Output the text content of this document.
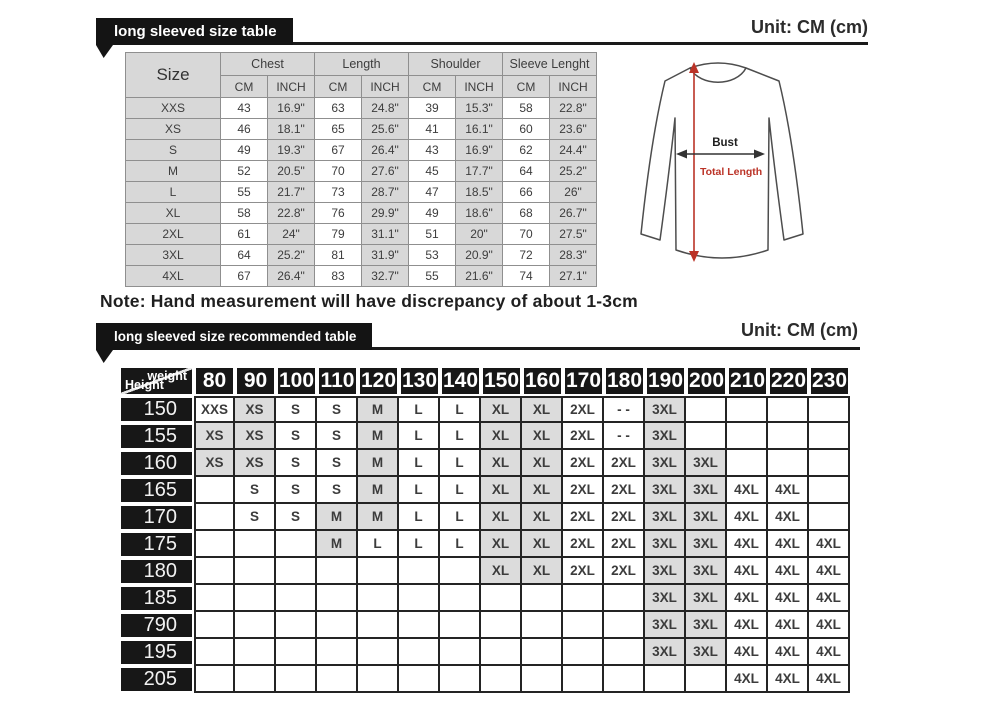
long sleeved size table	Unit: CM (cm)
Size	Chest		Length		Shoulder		Sleeve Lenght	
	CM	INCH	CM	INCH	CM	INCH	CM	INCH
XXS	43	16.9"	63	24.8"	39	15.3"	58	22.8"
XS	46	18.1"	65	25.6"	41	16.1"	60	23.6"
S	49	19.3"	67	26.4"	43	16.9"	62	24.4"
M	52	20.5"	70	27.6"	45	17.7"	64	25.2"
L	55	21.7"	73	28.7"	47	18.5"	66	26"
XL	58	22.8"	76	29.9"	49	18.6"	68	26.7"
2XL	61	24"	79	31.1"	51	20"	70	27.5"
3XL	64	25.2"	81	31.9"	53	20.9"	72	28.3"
4XL	67	26.4"	83	32.7"	55	21.6"	74	27.1"
Bust
Total Length
Note: Hand measurement will have discrepancy of about 1-3cm
long sleeved size recommended table	Unit: CM (cm)
weight
Height	80	90	100	110	120	130	140	150	160	170	180	190	200	210	220	230
150	XXS	XS	S	S	M	L	L	XL	XL	2XL	- -	3XL				
155	XS	XS	S	S	M	L	L	XL	XL	2XL	- -	3XL				
160	XS	XS	S	S	M	L	L	XL	XL	2XL	2XL	3XL	3XL			
165		S	S	S	M	L	L	XL	XL	2XL	2XL	3XL	3XL	4XL	4XL	
170		S	S	M	M	L	L	XL	XL	2XL	2XL	3XL	3XL	4XL	4XL	
175				M	L	L	L	XL	XL	2XL	2XL	3XL	3XL	4XL	4XL	4XL
180								XL	XL	2XL	2XL	3XL	3XL	4XL	4XL	4XL
185												3XL	3XL	4XL	4XL	4XL
790												3XL	3XL	4XL	4XL	4XL
195												3XL	3XL	4XL	4XL	4XL
205														4XL	4XL	4XL
